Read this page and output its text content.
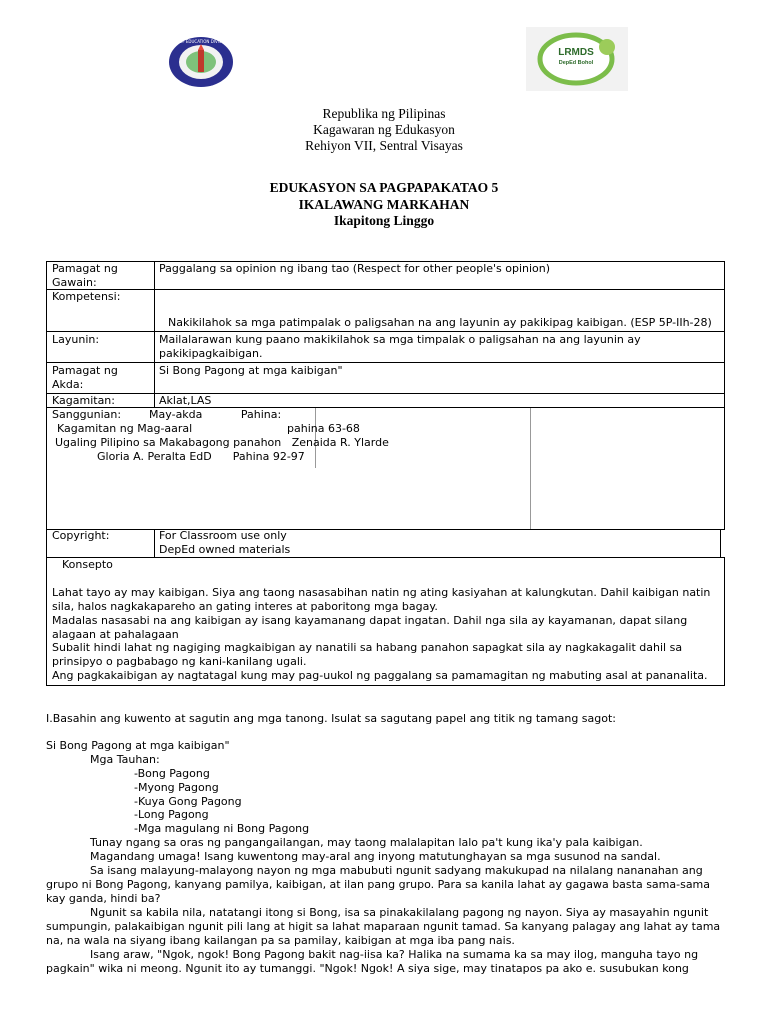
DEPARTMENT OF EDUCATION DIVISION OF BOHOL
LRMDS
DepEd Bohol
Republika ng Pilipinas
Kagawaran ng Edukasyon
Rehiyon VII, Sentral Visayas
EDUKASYON SA PAGPAPAKATAO 5
IKALAWANG MARKAHAN
Ikapitong Linggo
Pamagat ng
Gawain:
Paggalang sa opinion ng ibang tao (Respect for other people's opinion)
Kompetensi:
Nakikilahok sa mga patimpalak o paligsahan na ang layunin ay pakikipag kaibigan. (ESP 5P-IIh-28)
Layunin:	Mailalarawan kung paano makikilahok sa mga timpalak o paligsahan na ang layunin ay
pakikipagkaibigan.
Pamagat ng
Akda:
Si Bong Pagong at mga kaibigan"
Kagamitan:	Aklat,LAS
Sanggunian:        May-akda           Pahina:
Kagamitan ng Mag-aaral	pahina 63-68
Ugaling Pilipino sa Makabagong panahon   Zenaida R. Ylarde
Gloria A. Peralta EdD      Pahina 92-97
Copyright:	For Classroom use only
DepEd owned materials
Konsepto
Lahat tayo ay may kaibigan. Siya ang taong nasasabihan natin ng ating kasiyahan at kalungkutan. Dahil kaibigan natin
sila, halos nagkakapareho an gating interes at paboritong mga bagay.
Madalas nasasabi na ang kaibigan ay isang kayamanang dapat ingatan. Dahil nga sila ay kayamanan, dapat silang
alagaan at pahalagaan
Subalit hindi lahat ng nagiging magkaibigan ay nanatili sa habang panahon sapagkat sila ay nagkakagalit dahil sa
prinsipyo o pagbabago ng kani-kanilang ugali.
Ang pagkakaibigan ay nagtatagal kung may pag-uukol ng paggalang sa pamamagitan ng mabuting asal at pananalita.
I.Basahin ang kuwento at sagutin ang mga tanong. Isulat sa sagutang papel ang titik ng tamang sagot:
Si Bong Pagong at mga kaibigan"
Mga Tauhan:
-Bong Pagong
-Myong Pagong
-Kuya Gong Pagong
-Long Pagong
-Mga magulang ni Bong Pagong
Tunay ngang sa oras ng pangangailangan, may taong malalapitan lalo pa't kung ika'y pala kaibigan.
Magandang umaga! Isang kuwentong may-aral ang inyong matutunghayan sa mga susunod na sandal.
Sa isang malayung-malayong nayon ng mga mabubuti ngunit sadyang makukupad na nilalang nananahan ang
grupo ni Bong Pagong, kanyang pamilya, kaibigan, at ilan pang grupo. Para sa kanila lahat ay gagawa basta sama-sama
kay ganda, hindi ba?
Ngunit sa kabila nila, natatangi itong si Bong, isa sa pinakakilalang pagong ng nayon. Siya ay masayahin ngunit
sumpungin, palakaibigan ngunit pili lang at higit sa lahat maparaan ngunit tamad. Sa kanyang palagay ang lahat ay tama
na, na wala na siyang ibang kailangan pa sa pamilay, kaibigan at mga iba pang nais.
Isang araw, "Ngok, ngok! Bong Pagong bakit nag-iisa ka? Halika na sumama ka sa may ilog, manguha tayo ng
pagkain" wika ni meong. Ngunit ito ay tumanggi. "Ngok! Ngok! A siya sige, may tinatapos pa ako e. susubukan kong
